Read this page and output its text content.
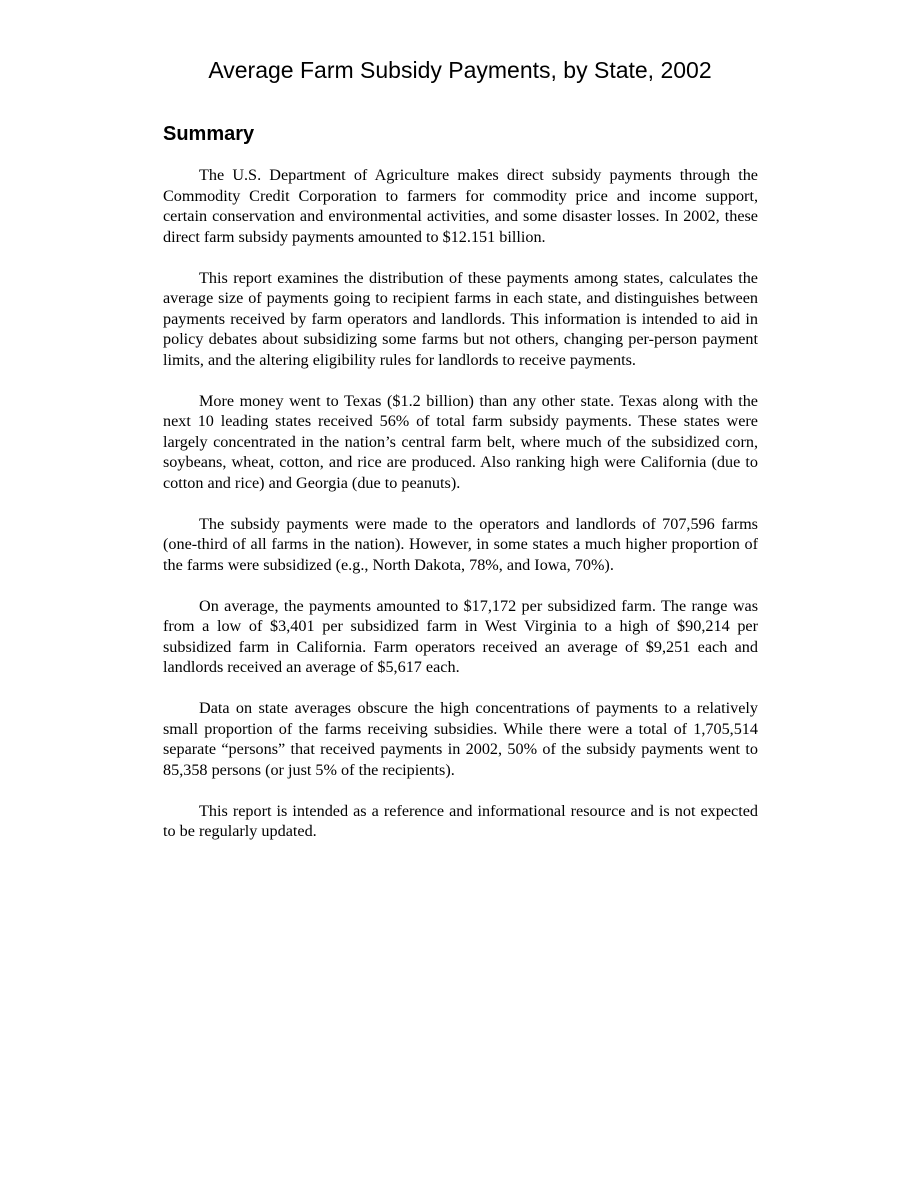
Average Farm Subsidy Payments, by State, 2002
Summary

The U.S. Department of Agriculture makes direct subsidy payments through the Commodity Credit Corporation to farmers for commodity price and income support, certain conservation and environmental activities, and some disaster losses. In 2002, these direct farm subsidy payments amounted to $12.151 billion.

This report examines the distribution of these payments among states, calculates the average size of payments going to recipient farms in each state, and distinguishes between payments received by farm operators and landlords. This information is intended to aid in policy debates about subsidizing some farms but not others, changing per-person payment limits, and the altering eligibility rules for landlords to receive payments.

More money went to Texas ($1.2 billion) than any other state. Texas along with the next 10 leading states received 56% of total farm subsidy payments. These states were largely concentrated in the nation’s central farm belt, where much of the subsidized corn, soybeans, wheat, cotton, and rice are produced. Also ranking high were California (due to cotton and rice) and Georgia (due to peanuts).

The subsidy payments were made to the operators and landlords of 707,596 farms (one-third of all farms in the nation). However, in some states a much higher proportion of the farms were subsidized (e.g., North Dakota, 78%, and Iowa, 70%).

On average, the payments amounted to $17,172 per subsidized farm. The range was from a low of $3,401 per subsidized farm in West Virginia to a high of $90,214 per subsidized farm in California. Farm operators received an average of $9,251 each and landlords received an average of $5,617 each.

Data on state averages obscure the high concentrations of payments to a relatively small proportion of the farms receiving subsidies. While there were a total of 1,705,514 separate “persons” that received payments in 2002, 50% of the subsidy payments went to 85,358 persons (or just 5% of the recipients).

This report is intended as a reference and informational resource and is not expected to be regularly updated.
